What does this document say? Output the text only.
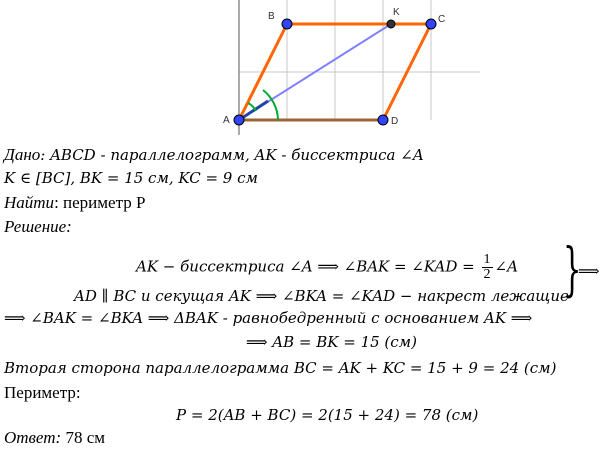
A
B	C
D
K
Дано: ABCD - параллелограмм, AK - биссектриса ∠A
K ∈ [BC], BK = 15 см, KC = 9 см
Найти: периметр P
Решение:
AK − биссектриса ∠A ⟹ ∠BAK = ∠KAD = $\frac{1}{2}$ ∠A
AD ∥ BC и секущая AK ⟹ ∠BKA = ∠KAD − накрест лежащие
}
⟹
⟹ ∠BAK = ∠BKA ⟹ ΔBAK - равнобедренный с основанием AK ⟹
⟹ AB = BK = 15 (см)
Вторая сторона параллелограмма BC = AK + KC = 15 + 9 = 24 (см)
Периметр:
P = 2(AB + BC) = 2(15 + 24) = 78 (см)
Ответ: 78 см
